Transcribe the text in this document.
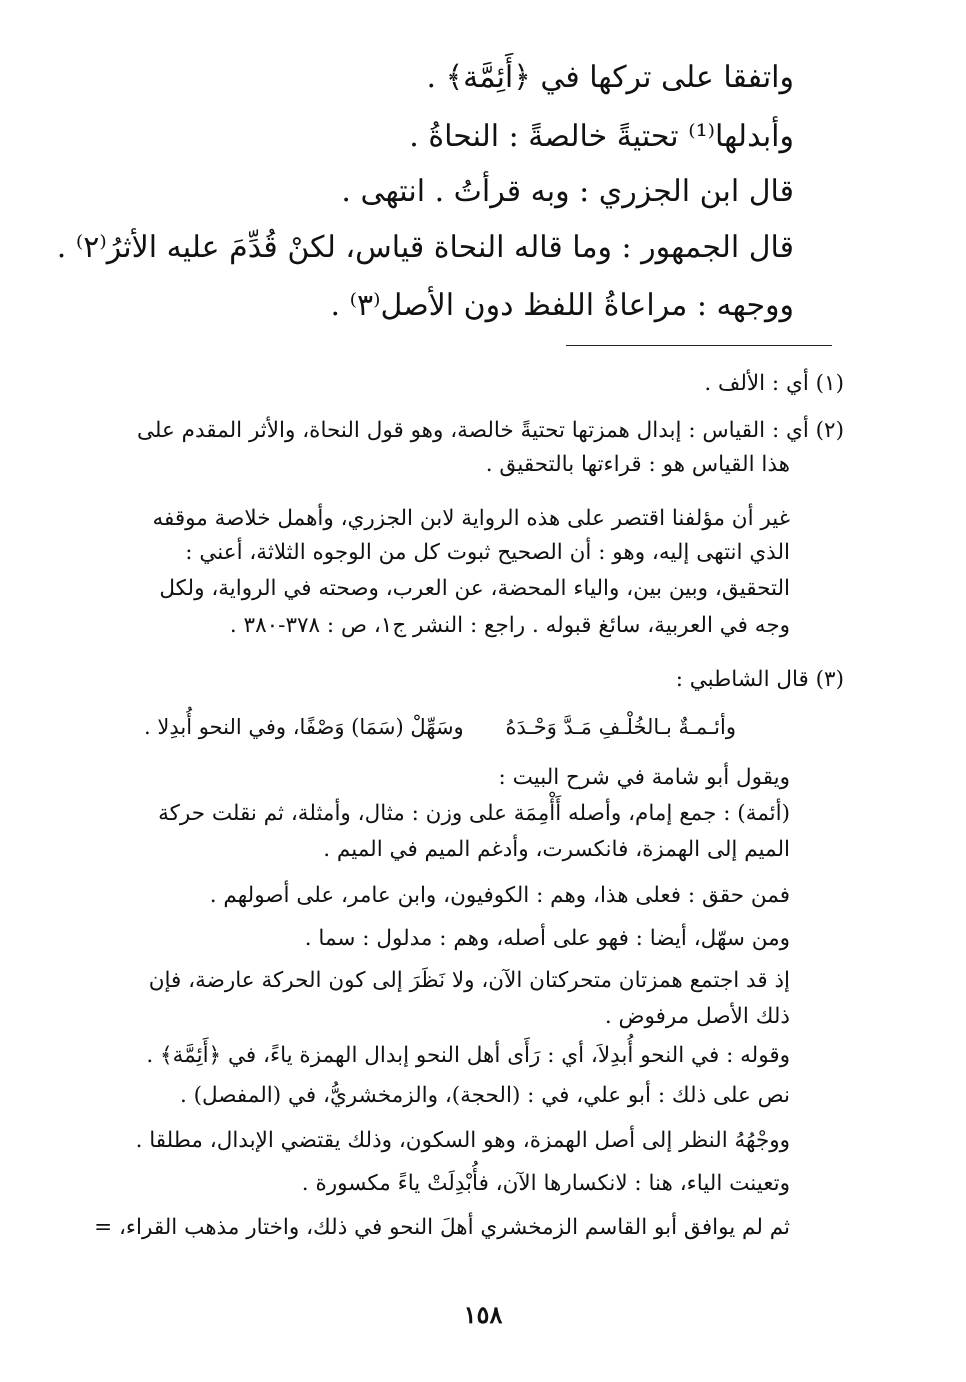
واتفقا على تركها في ﴿أَئِمَّة﴾ .
وأبدلها⁽¹⁾ تحتيةً خالصةً : النحاةُ .
قال ابن الجزري : وبه قرأتُ . انتهى .
قال الجمهور : وما قاله النحاة قياس، لكنْ قُدِّمَ عليه الأثرُ⁽٢⁾ .
ووجهه : مراعاةُ اللفظ دون الأصل⁽٣⁾ .
(١) أي : الألف .
(٢) أي : القياس : إبدال همزتها تحتيةً خالصة، وهو قول النحاة، والأثر المقدم على
هذا القياس هو : قراءتها بالتحقيق .
غير أن مؤلفنا اقتصر على هذه الرواية لابن الجزري، وأهمل خلاصة موقفه
الذي انتهى إليه، وهو : أن الصحيح ثبوت كل من الوجوه الثلاثة، أعني :
التحقيق، وبين بين، والياء المحضة، عن العرب، وصحته في الرواية، ولكل
وجه في العربية، سائغ قبوله . راجع : النشر ج١، ص : ٣٧٨-٣٨٠ .
(٣) قال الشاطبي :
وأئـمـةٌ بـالخُلْـفِ مَـدَّ وَحْـدَهُ
وسَهِّلْ (سَمَا) وَصْفًا، وفي النحو أُبدِلا .
ويقول أبو شامة في شرح البيت :
(أئمة) : جمع إمام، وأصله أَأْمِمَة على وزن : مثال، وأمثلة، ثم نقلت حركة
الميم إلى الهمزة، فانكسرت، وأدغم الميم في الميم .
فمن حقق : فعلى هذا، وهم : الكوفيون، وابن عامر، على أصولهم .
ومن سهّل، أيضا : فهو على أصله، وهم : مدلول : سما .
إذ قد اجتمع همزتان متحركتان الآن، ولا نَظَرَ إلى كون الحركة عارضة، فإن
ذلك الأصل مرفوض .
وقوله : في النحو أُبدِلاَ، أي : رَأَى أهل النحو إبدال الهمزة ياءً، في ﴿أَئِمَّة﴾ .
نص على ذلك : أبو علي، في : (الحجة)، والزمخشريُّ، في (المفصل) .
ووجْهُهُ النظر إلى أصل الهمزة، وهو السكون، وذلك يقتضي الإبدال، مطلقا .
وتعينت الياء، هنا : لانكسارها الآن، فأُبْدِلَتْ ياءً مكسورة .
ثم لم يوافق أبو القاسم الزمخشري أهلَ النحو في ذلك، واختار مذهب القراء، =
١٥٨
